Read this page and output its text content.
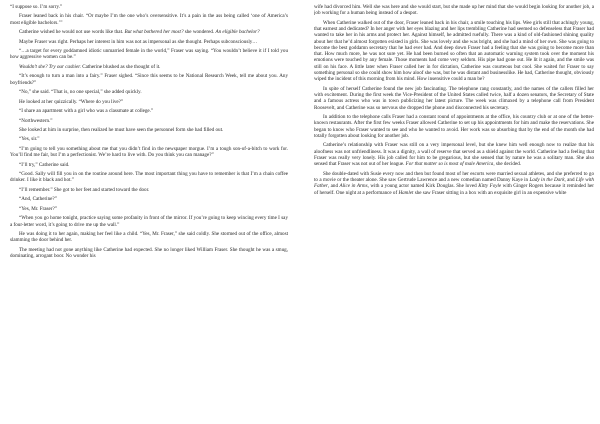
“I suppose so. I’m sorry.”

Fraser leaned back in his chair. “Or maybe I’m the one who’s oversensitive. It’s a pain in the ass being called ‘one of America’s most eligible bachelors.’”

Catherine wished he would not use words like that. But what bothered her most? she wondered. An eligible bachelor?

Maybe Fraser was right. Perhaps her interest in him was not as impersonal as she thought. Perhaps subconsciously…

“…a target for every goddamned idiotic unmarried female in the world,” Fraser was saying. “You wouldn’t believe it if I told you how aggressive women can be.”

Wouldn’t she? Try our cashier. Catherine blushed as she thought of it.

“It’s enough to turn a man into a fairy.” Fraser sighed. “Since this seems to be National Research Week, tell me about you. Any boyfriends?”

“No,” she said. “That is, no one special,” she added quickly.

He looked at her quizzically. “Where do you live?”

“I share an apartment with a girl who was a classmate at college.”

“Northwestern.”

She looked at him in surprise, then realized he must have seen the personnel form she had filled out.

“Yes, sir.”

“I’m going to tell you something about me that you didn’t find in the newspaper morgue. I’m a tough son-of-a-bitch to work for. You’ll find me fair, but I’m a perfectionist. We’re hard to live with. Do you think you can manage?”

“I’ll try,” Catherine said.

“Good. Sally will fill you in on the routine around here. The most important thing you have to remember is that I’m a chain coffee drinker. I like it black and hot.”

“I’ll remember.” She got to her feet and started toward the door.

“And, Catherine?”

“Yes, Mr. Fraser?”

“When you go home tonight, practice saying some profanity in front of the mirror. If you’re going to keep wincing every time I say a four-letter word, it’s going to drive me up the wall.”

He was doing it to her again, making her feel like a child. “Yes, Mr. Fraser,” she said coldly. She stormed out of the office, almost slamming the door behind her.

The meeting had not gone anything like Catherine had expected. She no longer liked William Fraser. She thought he was a smug, dominating, arrogant boor. No wonder his

wife had divorced him. Well she was here and she would start, but she made up her mind that she would begin looking for another job, a job working for a human being instead of a despot.

When Catherine walked out of the door, Fraser leaned back in his chair, a smile touching his lips. Wee girls still that achingly young, that earnest and dedicated? In her anger with her eyes blazing and her lips trembling Catherine had seemed so defenseless that Fraser had wanted to take her in his arms and protect her. Against himself, he admitted ruefully. There was a kind of old-fashioned shining quality about her that he’d almost forgotten existed in girls. She was lovely and she was bright, and she had a mind of her own. She was going to become the best goddamn secretary that he had ever had. And deep down Fraser had a feeling that she was going to become more than that. How much more, he was not sure yet. He had been burned so often that an automatic warning system took over the moment his emotions were touched by any female. Those moments had come very seldom. His pipe had gone out. He lit it again, and the smile was still on his face. A little later when Fraser called her in for dictation, Catherine was courteous but cool. She waited for Fraser to say something personal so she could show him how aloof she was, but he was distant and businesslike. He had, Catherine thought, obviously wiped the incident of this morning from his mind. How insensitive could a man be?

In spite of herself Catherine found the new job fascinating. The telephone rang constantly, and the names of the callers filled her with excitement. During the first week the Vice-President of the United States called twice, half a dozen senators, the Secretary of State and a famous actress who was in town publicizing her latest picture. The week was climaxed by a telephone call from President Roosevelt, and Catherine was so nervous she dropped the phone and disconnected his secretary.

In addition to the telephone calls Fraser had a constant round of appointments at the office, his country club or at one of the better-known restaurants. After the first few weeks Fraser allowed Catherine to set up his appointments for him and make the reservations. She began to know who Fraser wanted to see and who he wanted to avoid. Her work was so absorbing that by the end of the month she had totally forgotten about looking for another job.

Catherine’s relationship with Fraser was still on a very impersonal level, but she knew him well enough now to realize that his aloofness was not unfriendliness. It was a dignity, a wall of reserve that served as a shield against the world. Catherine had a feeling that Fraser was really very lonely. His job called for him to be gregarious, but she sensed that by nature he was a solitary man. She also sensed that Fraser was not out of her league. For that matter so is most of male America, she decided.

She double-dated with Susie every now and then but found most of her escorts were married sexual athletes, and she preferred to go to a movie or the theater alone. She saw Gertrude Lawrence and a new comedian named Danny Kaye in Lady in the Dark, and Life with Father, and Alice in Arms, with a young actor named Kirk Douglas. She loved Kitty Foyle with Ginger Rogers because it reminded her of herself. One night at a performance of Hamlet she saw Fraser sitting in a box with an exquisite girl in an expensive white
